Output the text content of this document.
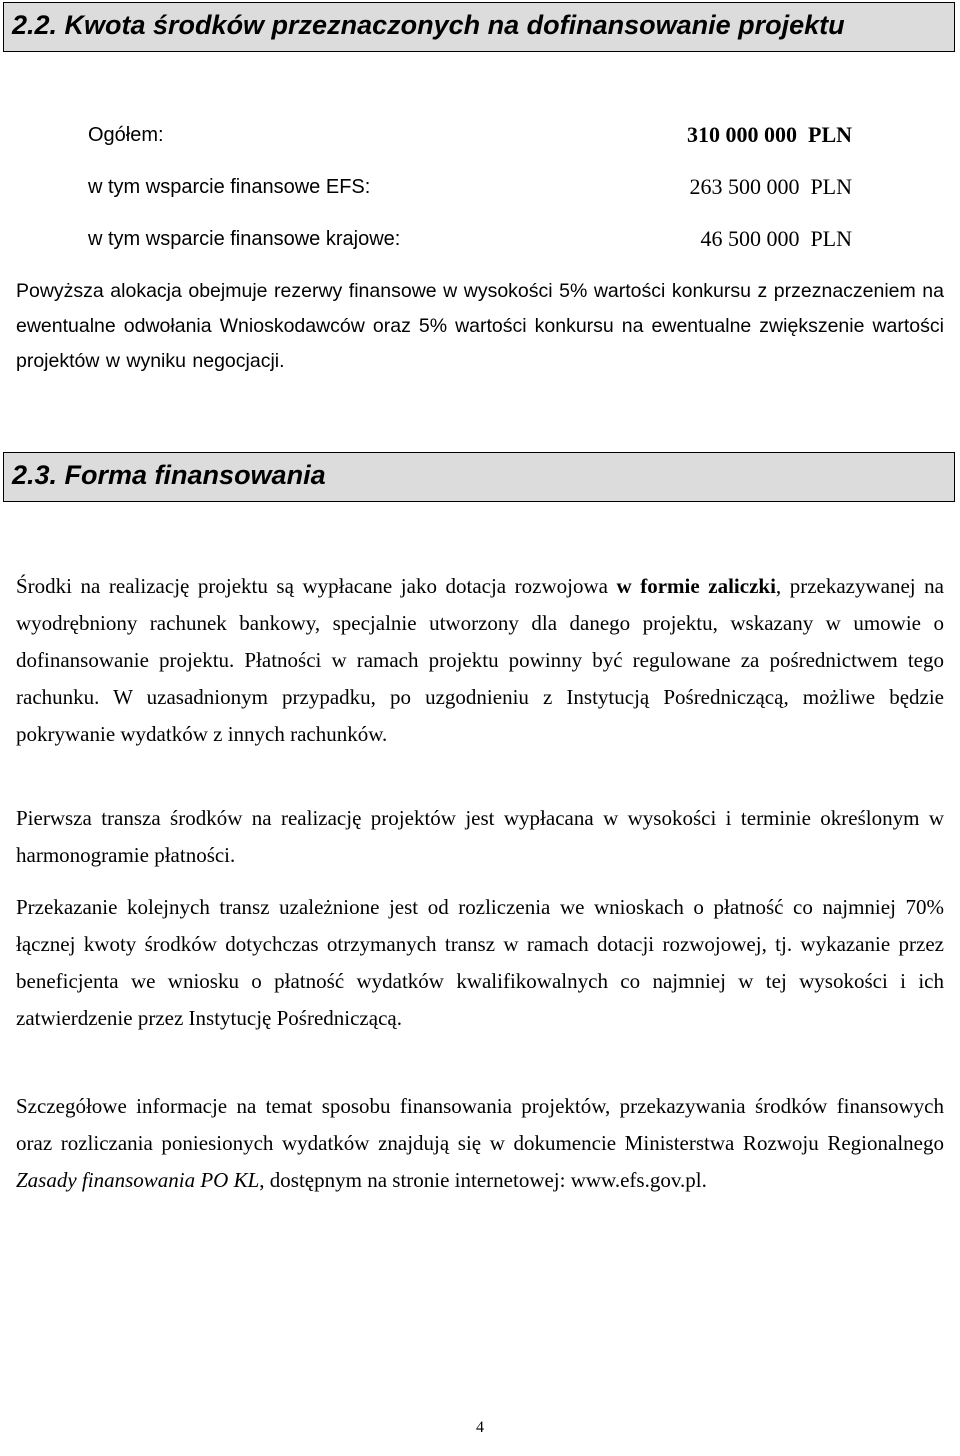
2.2. Kwota środków przeznaczonych na dofinansowanie projektu
Ogółem:	310 000 000  PLN
w tym wsparcie finansowe EFS:	263 500 000  PLN
w tym wsparcie finansowe krajowe:	46 500 000  PLN

Powyższa alokacja obejmuje rezerwy finansowe w wysokości 5% wartości konkursu z przeznaczeniem na ewentualne odwołania Wnioskodawców oraz 5% wartości konkursu na ewentualne zwiększenie wartości projektów w wyniku negocjacji.

2.3. Forma finansowania

Środki na realizację projektu są wypłacane jako dotacja rozwojowa w formie zaliczki, przekazywanej na wyodrębniony rachunek bankowy, specjalnie utworzony dla danego projektu, wskazany w umowie o dofinansowanie projektu. Płatności w ramach projektu powinny być regulowane za pośrednictwem tego rachunku. W uzasadnionym przypadku, po uzgodnieniu z Instytucją Pośredniczącą, możliwe będzie pokrywanie wydatków z innych rachunków.

Pierwsza transza środków na realizację projektów jest wypłacana w wysokości i terminie określonym w harmonogramie płatności.

Przekazanie kolejnych transz uzależnione jest od rozliczenia we wnioskach o płatność co najmniej 70% łącznej kwoty środków dotychczas otrzymanych transz w ramach dotacji rozwojowej, tj. wykazanie przez beneficjenta we wniosku o płatność wydatków kwalifikowalnych co najmniej w tej wysokości i ich zatwierdzenie przez Instytucję Pośredniczącą.

Szczegółowe informacje na temat sposobu finansowania projektów, przekazywania środków finansowych oraz rozliczania poniesionych wydatków znajdują się w dokumencie Ministerstwa Rozwoju Regionalnego Zasady finansowania PO KL, dostępnym na stronie internetowej: www.efs.gov.pl.

4
